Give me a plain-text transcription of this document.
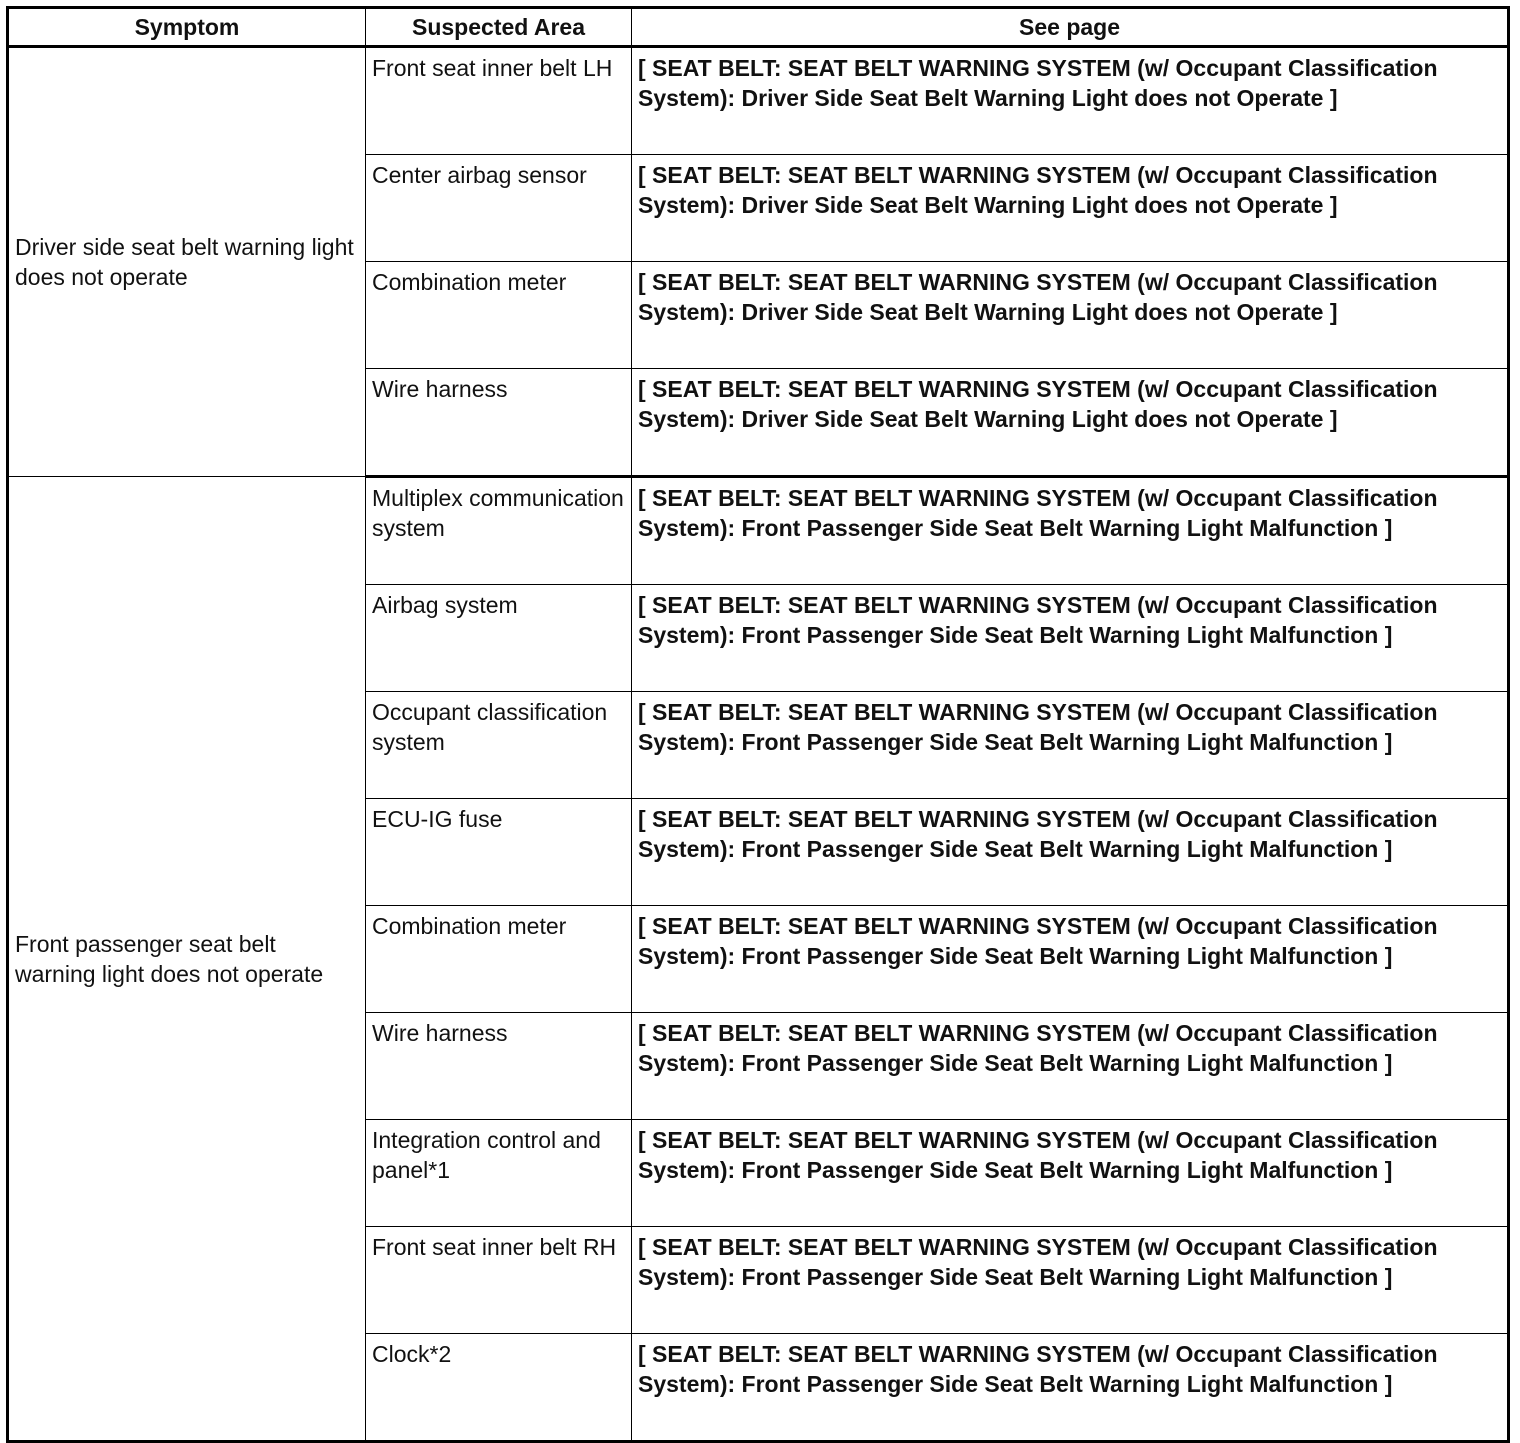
Symptom	Suspected Area	See page
Driver side seat belt warning light does not operate	Front seat inner belt LH	[ SEAT BELT: SEAT BELT WARNING SYSTEM (w/ Occupant Classification System): Driver Side Seat Belt Warning Light does not Operate ]
	Center airbag sensor	[ SEAT BELT: SEAT BELT WARNING SYSTEM (w/ Occupant Classification System): Driver Side Seat Belt Warning Light does not Operate ]
	Combination meter	[ SEAT BELT: SEAT BELT WARNING SYSTEM (w/ Occupant Classification System): Driver Side Seat Belt Warning Light does not Operate ]
	Wire harness	[ SEAT BELT: SEAT BELT WARNING SYSTEM (w/ Occupant Classification System): Driver Side Seat Belt Warning Light does not Operate ]
Front passenger seat belt warning light does not operate	Multiplex communication system	[ SEAT BELT: SEAT BELT WARNING SYSTEM (w/ Occupant Classification System): Front Passenger Side Seat Belt Warning Light Malfunction ]
	Airbag system	[ SEAT BELT: SEAT BELT WARNING SYSTEM (w/ Occupant Classification System): Front Passenger Side Seat Belt Warning Light Malfunction ]
	Occupant classification system	[ SEAT BELT: SEAT BELT WARNING SYSTEM (w/ Occupant Classification System): Front Passenger Side Seat Belt Warning Light Malfunction ]
	ECU-IG fuse	[ SEAT BELT: SEAT BELT WARNING SYSTEM (w/ Occupant Classification System): Front Passenger Side Seat Belt Warning Light Malfunction ]
	Combination meter	[ SEAT BELT: SEAT BELT WARNING SYSTEM (w/ Occupant Classification System): Front Passenger Side Seat Belt Warning Light Malfunction ]
	Wire harness	[ SEAT BELT: SEAT BELT WARNING SYSTEM (w/ Occupant Classification System): Front Passenger Side Seat Belt Warning Light Malfunction ]
	Integration control and panel*1	[ SEAT BELT: SEAT BELT WARNING SYSTEM (w/ Occupant Classification System): Front Passenger Side Seat Belt Warning Light Malfunction ]
	Front seat inner belt RH	[ SEAT BELT: SEAT BELT WARNING SYSTEM (w/ Occupant Classification System): Front Passenger Side Seat Belt Warning Light Malfunction ]
	Clock*2	[ SEAT BELT: SEAT BELT WARNING SYSTEM (w/ Occupant Classification System): Front Passenger Side Seat Belt Warning Light Malfunction ]
